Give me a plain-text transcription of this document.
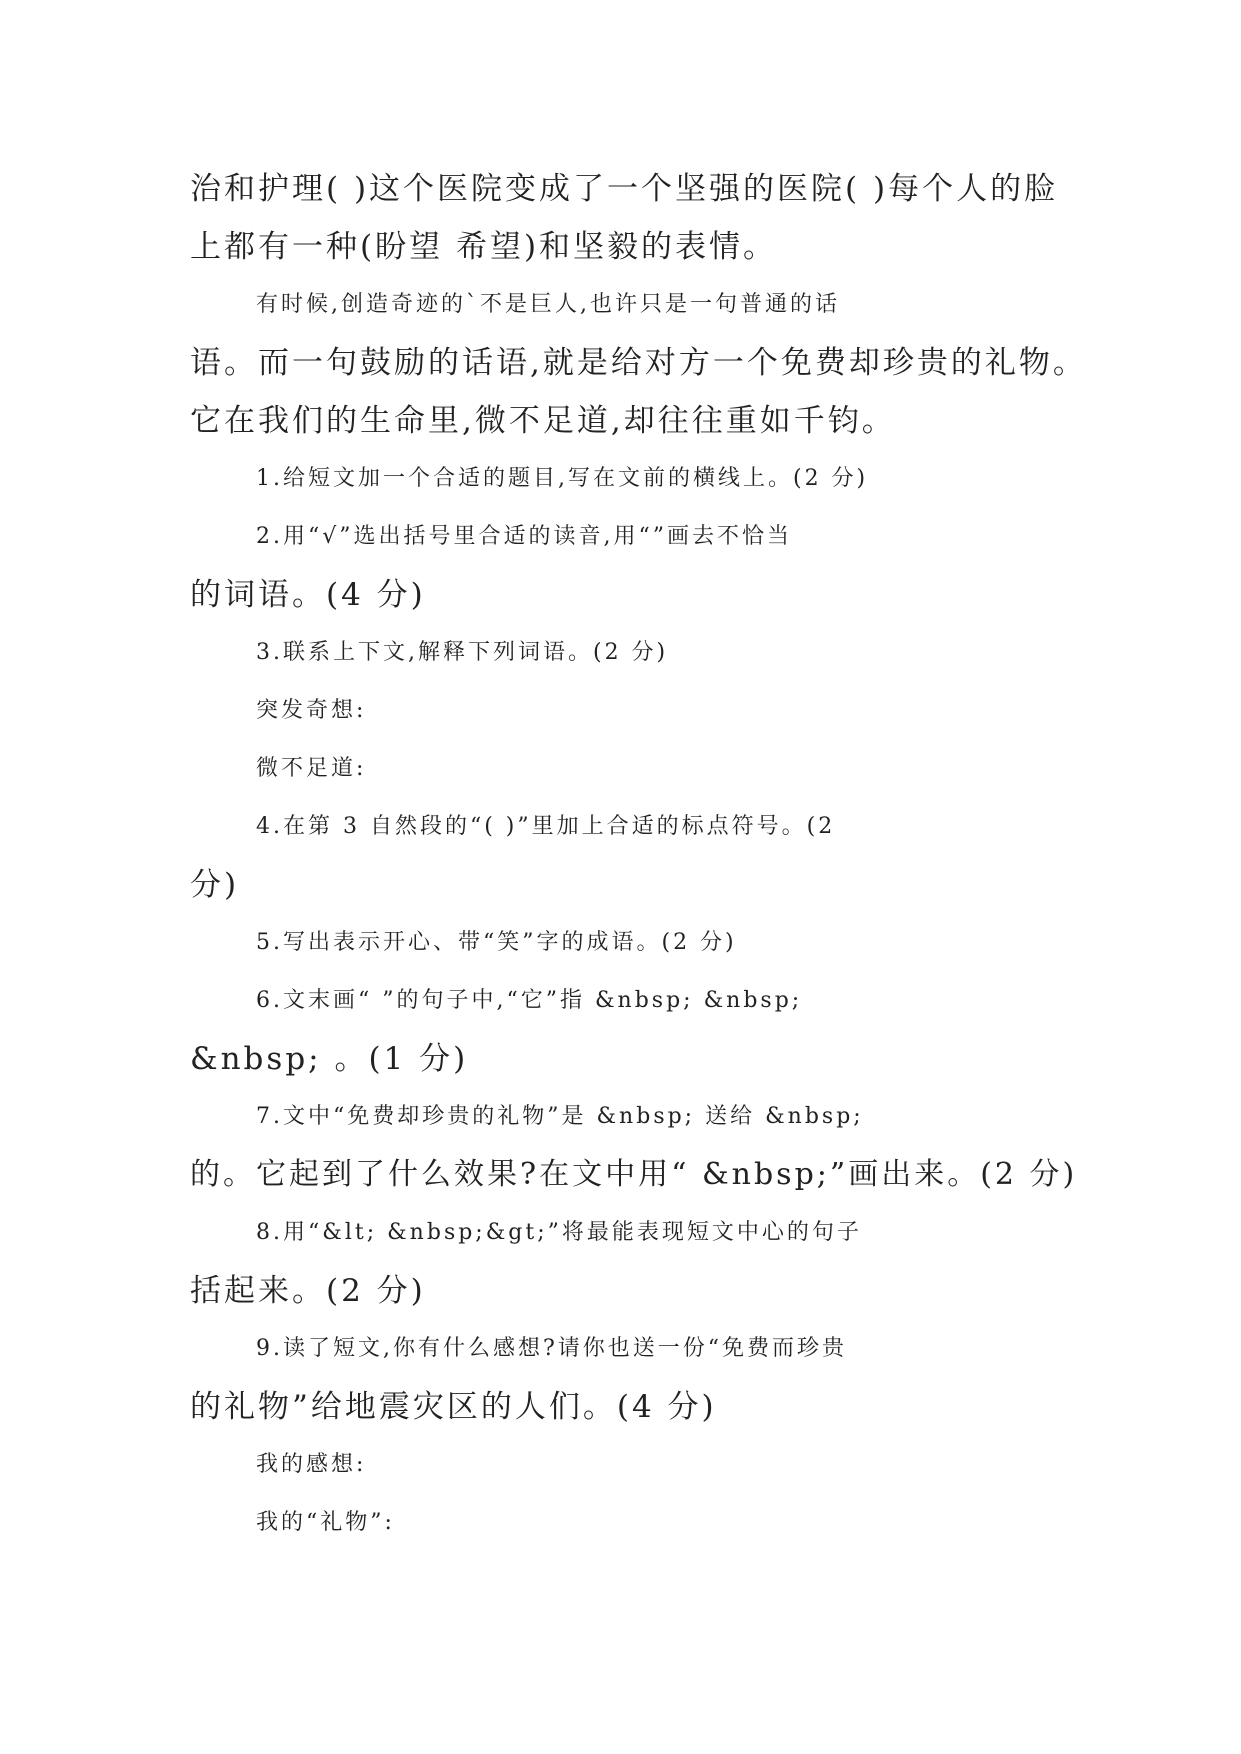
治和护理( )这个医院变成了一个坚强的医院( )每个人的脸
上都有一种(盼望 希望)和坚毅的表情。
有时候,创造奇迹的`不是巨人,也许只是一句普通的话
语。而一句鼓励的话语,就是给对方一个免费却珍贵的礼物。
它在我们的生命里,微不足道,却往往重如千钧。
1.给短文加一个合适的题目,写在文前的横线上。(2 分)
2.用“√”选出括号里合适的读音,用“”画去不恰当
的词语。(4 分)
3.联系上下文,解释下列词语。(2 分)
突发奇想:
微不足道:
4.在第 3 自然段的“( )”里加上合适的标点符号。(2
分)
5.写出表示开心、带“笑”字的成语。(2 分)
6.文末画“ ”的句子中,“它”指 &nbsp; &nbsp;
&nbsp; 。(1 分)
7.文中“免费却珍贵的礼物”是 &nbsp; 送给 &nbsp;
的。它起到了什么效果?在文中用“ &nbsp;”画出来。(2 分)
8.用“&lt; &nbsp;&gt;”将最能表现短文中心的句子
括起来。(2 分)
9.读了短文,你有什么感想?请你也送一份“免费而珍贵
的礼物”给地震灾区的人们。(4 分)
我的感想:
我的“礼物”:
